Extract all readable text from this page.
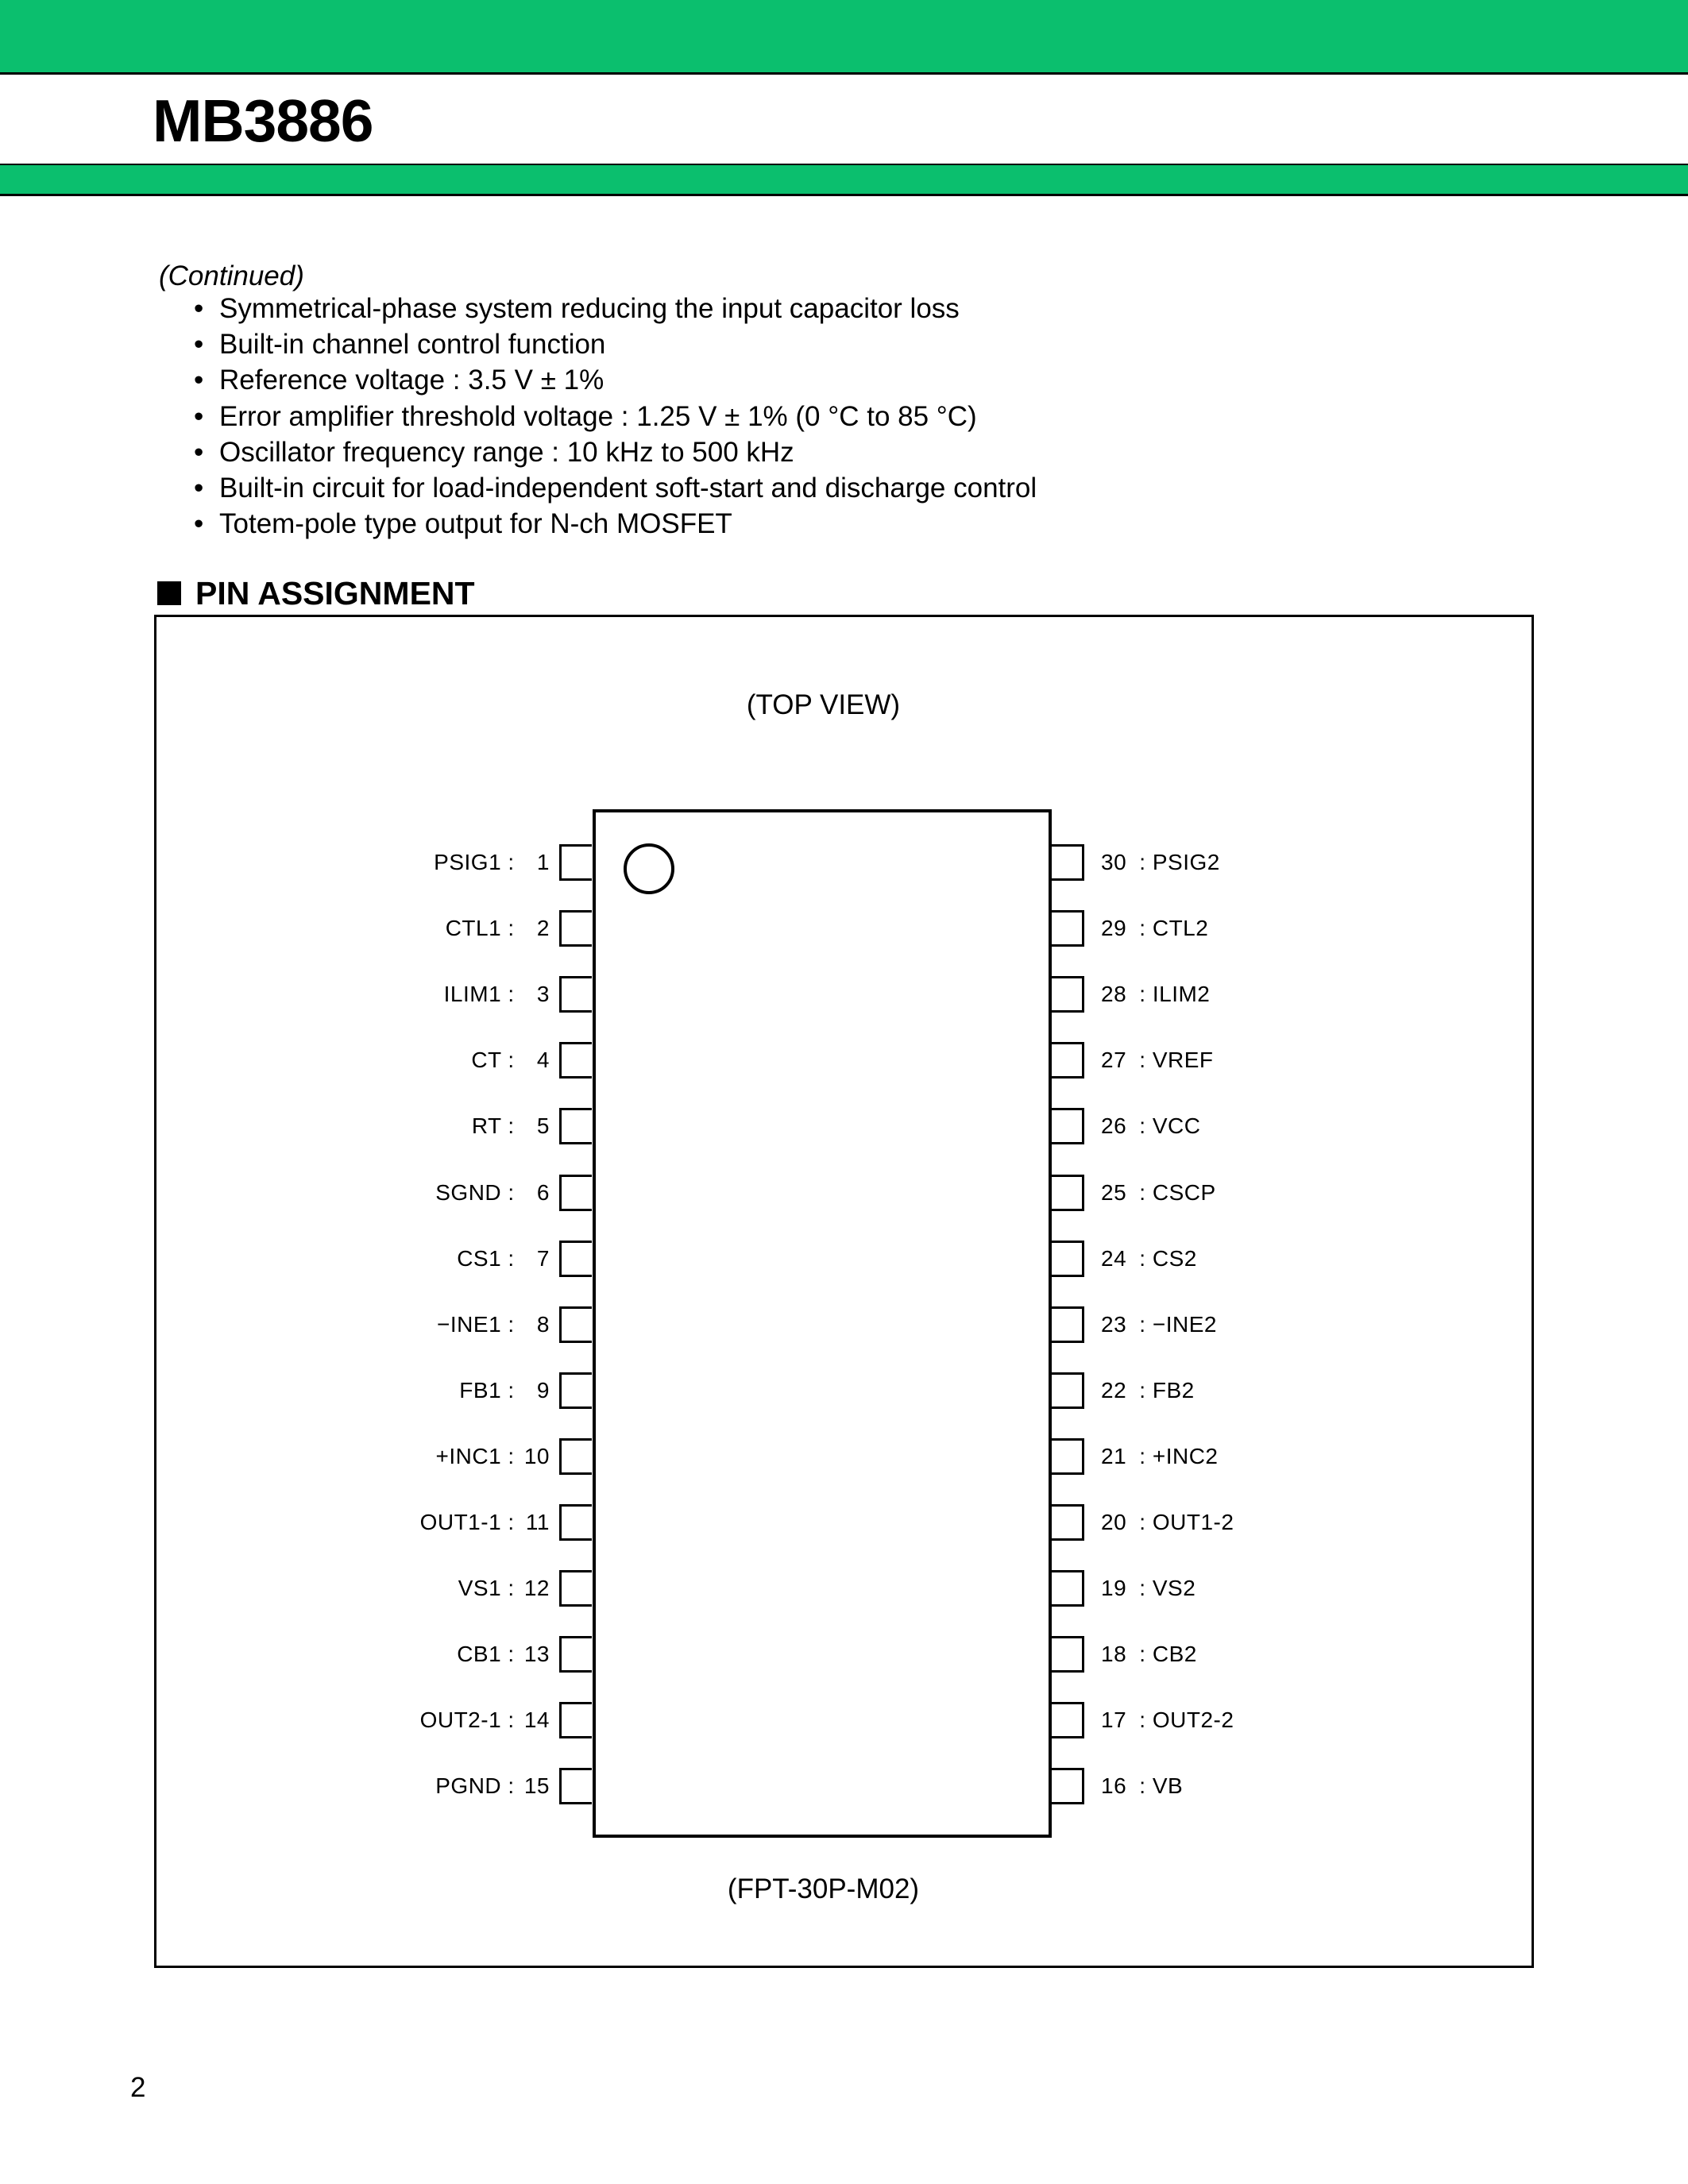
MB3886
(Continued)
• Symmetrical-phase system reducing the input capacitor loss
• Built-in channel control function
• Reference voltage : 3.5 V ± 1%
• Error amplifier threshold voltage : 1.25 V ± 1% (0 °C to 85 °C)
• Oscillator frequency range : 10 kHz to 500 kHz
• Built-in circuit for load-independent soft-start and discharge control
• Totem-pole type output for N-ch MOSFET
PIN ASSIGNMENT
(TOP VIEW)
PSIG1 : 1
CTL1 : 2
ILIM1 : 3
CT : 4
RT : 5
SGND : 6
CS1 : 7
−INE1 : 8
FB1 : 9
+INC1 : 10
OUT1-1 : 11
VS1 : 12
CB1 : 13
OUT2-1 : 14
PGND : 15
30 : PSIG2
29 : CTL2
28 : ILIM2
27 : VREF
26 : VCC
25 : CSCP
24 : CS2
23 : −INE2
22 : FB2
21 : +INC2
20 : OUT1-2
19 : VS2
18 : CB2
17 : OUT2-2
16 : VB
(FPT-30P-M02)
2
